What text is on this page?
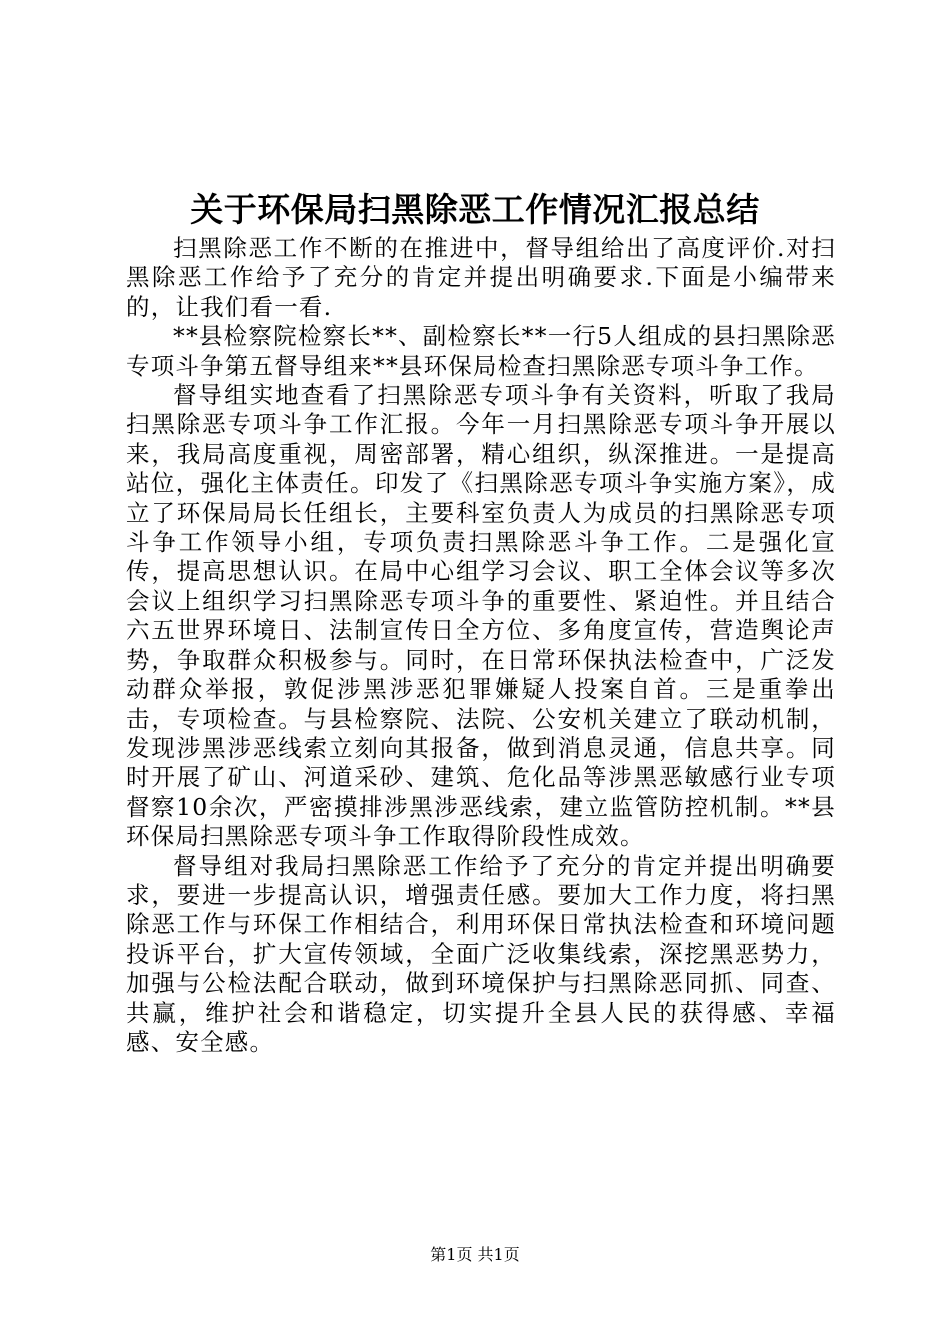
关于环保局扫黑除恶工作情况汇报总结

扫黑除恶工作不断的在推进中，督导组给出了高度评价.对扫黑除恶工作给予了充分的肯定并提出明确要求.下面是小编带来的，让我们看一看.

**县检察院检察长**、副检察长**一行5人组成的县扫黑除恶专项斗争第五督导组来**县环保局检查扫黑除恶专项斗争工作。

督导组实地查看了扫黑除恶专项斗争有关资料，听取了我局扫黑除恶专项斗争工作汇报。今年一月扫黑除恶专项斗争开展以来，我局高度重视，周密部署，精心组织，纵深推进。一是提高站位，强化主体责任。印发了《扫黑除恶专项斗争实施方案》，成立了环保局局长任组长，主要科室负责人为成员的扫黑除恶专项斗争工作领导小组，专项负责扫黑除恶斗争工作。二是强化宣传，提高思想认识。在局中心组学习会议、职工全体会议等多次会议上组织学习扫黑除恶专项斗争的重要性、紧迫性。并且结合六五世界环境日、法制宣传日全方位、多角度宣传，营造舆论声势，争取群众积极参与。同时，在日常环保执法检查中，广泛发动群众举报，敦促涉黑涉恶犯罪嫌疑人投案自首。三是重拳出击，专项检查。与县检察院、法院、公安机关建立了联动机制，发现涉黑涉恶线索立刻向其报备，做到消息灵通，信息共享。同时开展了矿山、河道采砂、建筑、危化品等涉黑恶敏感行业专项督察10余次，严密摸排涉黑涉恶线索，建立监管防控机制。**县环保局扫黑除恶专项斗争工作取得阶段性成效。

督导组对我局扫黑除恶工作给予了充分的肯定并提出明确要求，要进一步提高认识，增强责任感。要加大工作力度，将扫黑除恶工作与环保工作相结合，利用环保日常执法检查和环境问题投诉平台，扩大宣传领域，全面广泛收集线索，深挖黑恶势力，加强与公检法配合联动，做到环境保护与扫黑除恶同抓、同查、共赢，维护社会和谐稳定，切实提升全县人民的获得感、幸福感、安全感。

第1页 共1页
